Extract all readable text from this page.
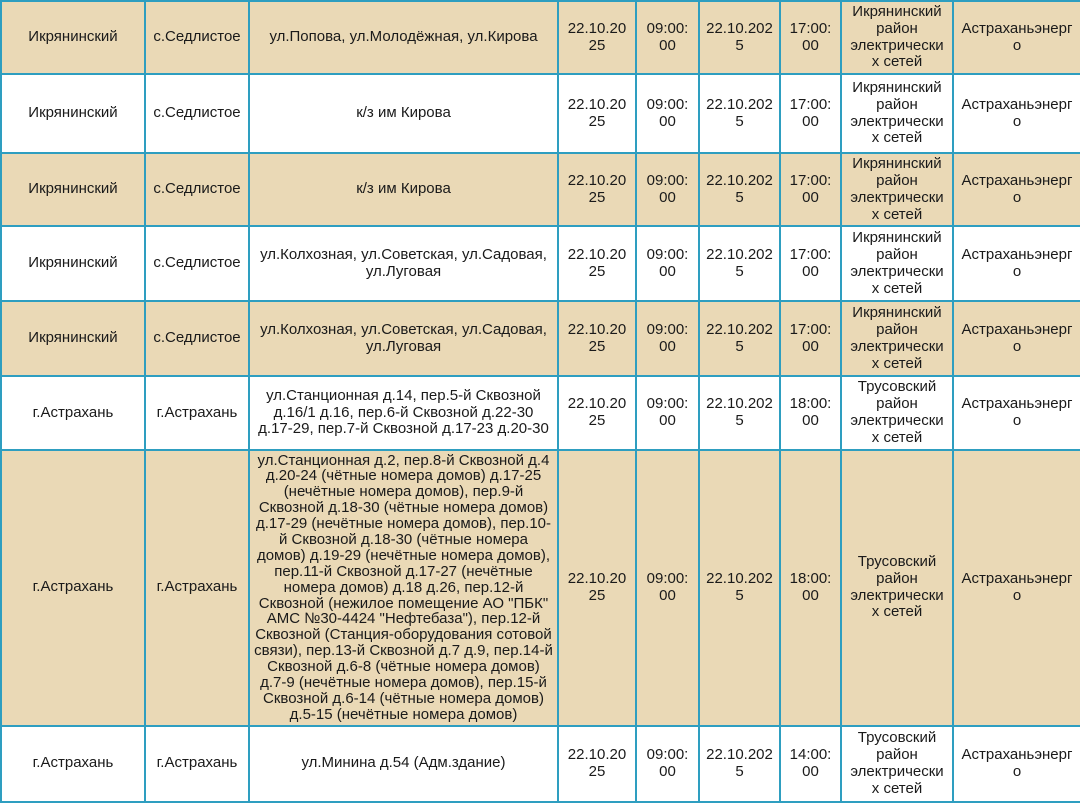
Икрянинский	с.Седлистое	ул.Попова, ул.Молодёжная, ул.Кирова	22.10.2025	09:00:00	22.10.2025	17:00:00	Икрянинский район электрических сетей	Астраханьэнерго
Икрянинский	с.Седлистое	к/з им Кирова	22.10.2025	09:00:00	22.10.2025	17:00:00	Икрянинский район электрических сетей	Астраханьэнерго
Икрянинский	с.Седлистое	к/з им Кирова	22.10.2025	09:00:00	22.10.2025	17:00:00	Икрянинский район электрических сетей	Астраханьэнерго
Икрянинский	с.Седлистое	ул.Колхозная, ул.Советская, ул.Садовая, ул.Луговая	22.10.2025	09:00:00	22.10.2025	17:00:00	Икрянинский район электрических сетей	Астраханьэнерго
Икрянинский	с.Седлистое	ул.Колхозная, ул.Советская, ул.Садовая, ул.Луговая	22.10.2025	09:00:00	22.10.2025	17:00:00	Икрянинский район электрических сетей	Астраханьэнерго
г.Астрахань	г.Астрахань	ул.Станционная д.14, пер.5-й Сквозной д.16/1 д.16, пер.6-й Сквозной д.22-30 д.17-29, пер.7-й Сквозной д.17-23 д.20-30	22.10.2025	09:00:00	22.10.2025	18:00:00	Трусовский район электрических сетей	Астраханьэнерго
г.Астрахань	г.Астрахань	ул.Станционная д.2, пер.8-й Сквозной д.4 д.20-24 (чётные номера домов) д.17-25 (нечётные номера домов), пер.9-й Сквозной д.18-30 (чётные номера домов) д.17-29 (нечётные номера домов), пер.10-й Сквозной д.18-30 (чётные номера домов) д.19-29 (нечётные номера домов), пер.11-й Сквозной д.17-27 (нечётные номера домов) д.18 д.26, пер.12-й Сквозной (нежилое помещение АО "ПБК" АМС №30-4424 "Нефтебаза"), пер.12-й Сквозной (Станция-оборудования сотовой связи), пер.13-й Сквозной д.7 д.9, пер.14-й Сквозной д.6-8 (чётные номера домов) д.7-9 (нечётные номера домов), пер.15-й Сквозной д.6-14 (чётные номера домов) д.5-15 (нечётные номера домов)	22.10.2025	09:00:00	22.10.2025	18:00:00	Трусовский район электрических сетей	Астраханьэнерго
г.Астрахань	г.Астрахань	ул.Минина д.54 (Адм.здание)	22.10.2025	09:00:00	22.10.2025	14:00:00	Трусовский район электрических сетей	Астраханьэнерго
